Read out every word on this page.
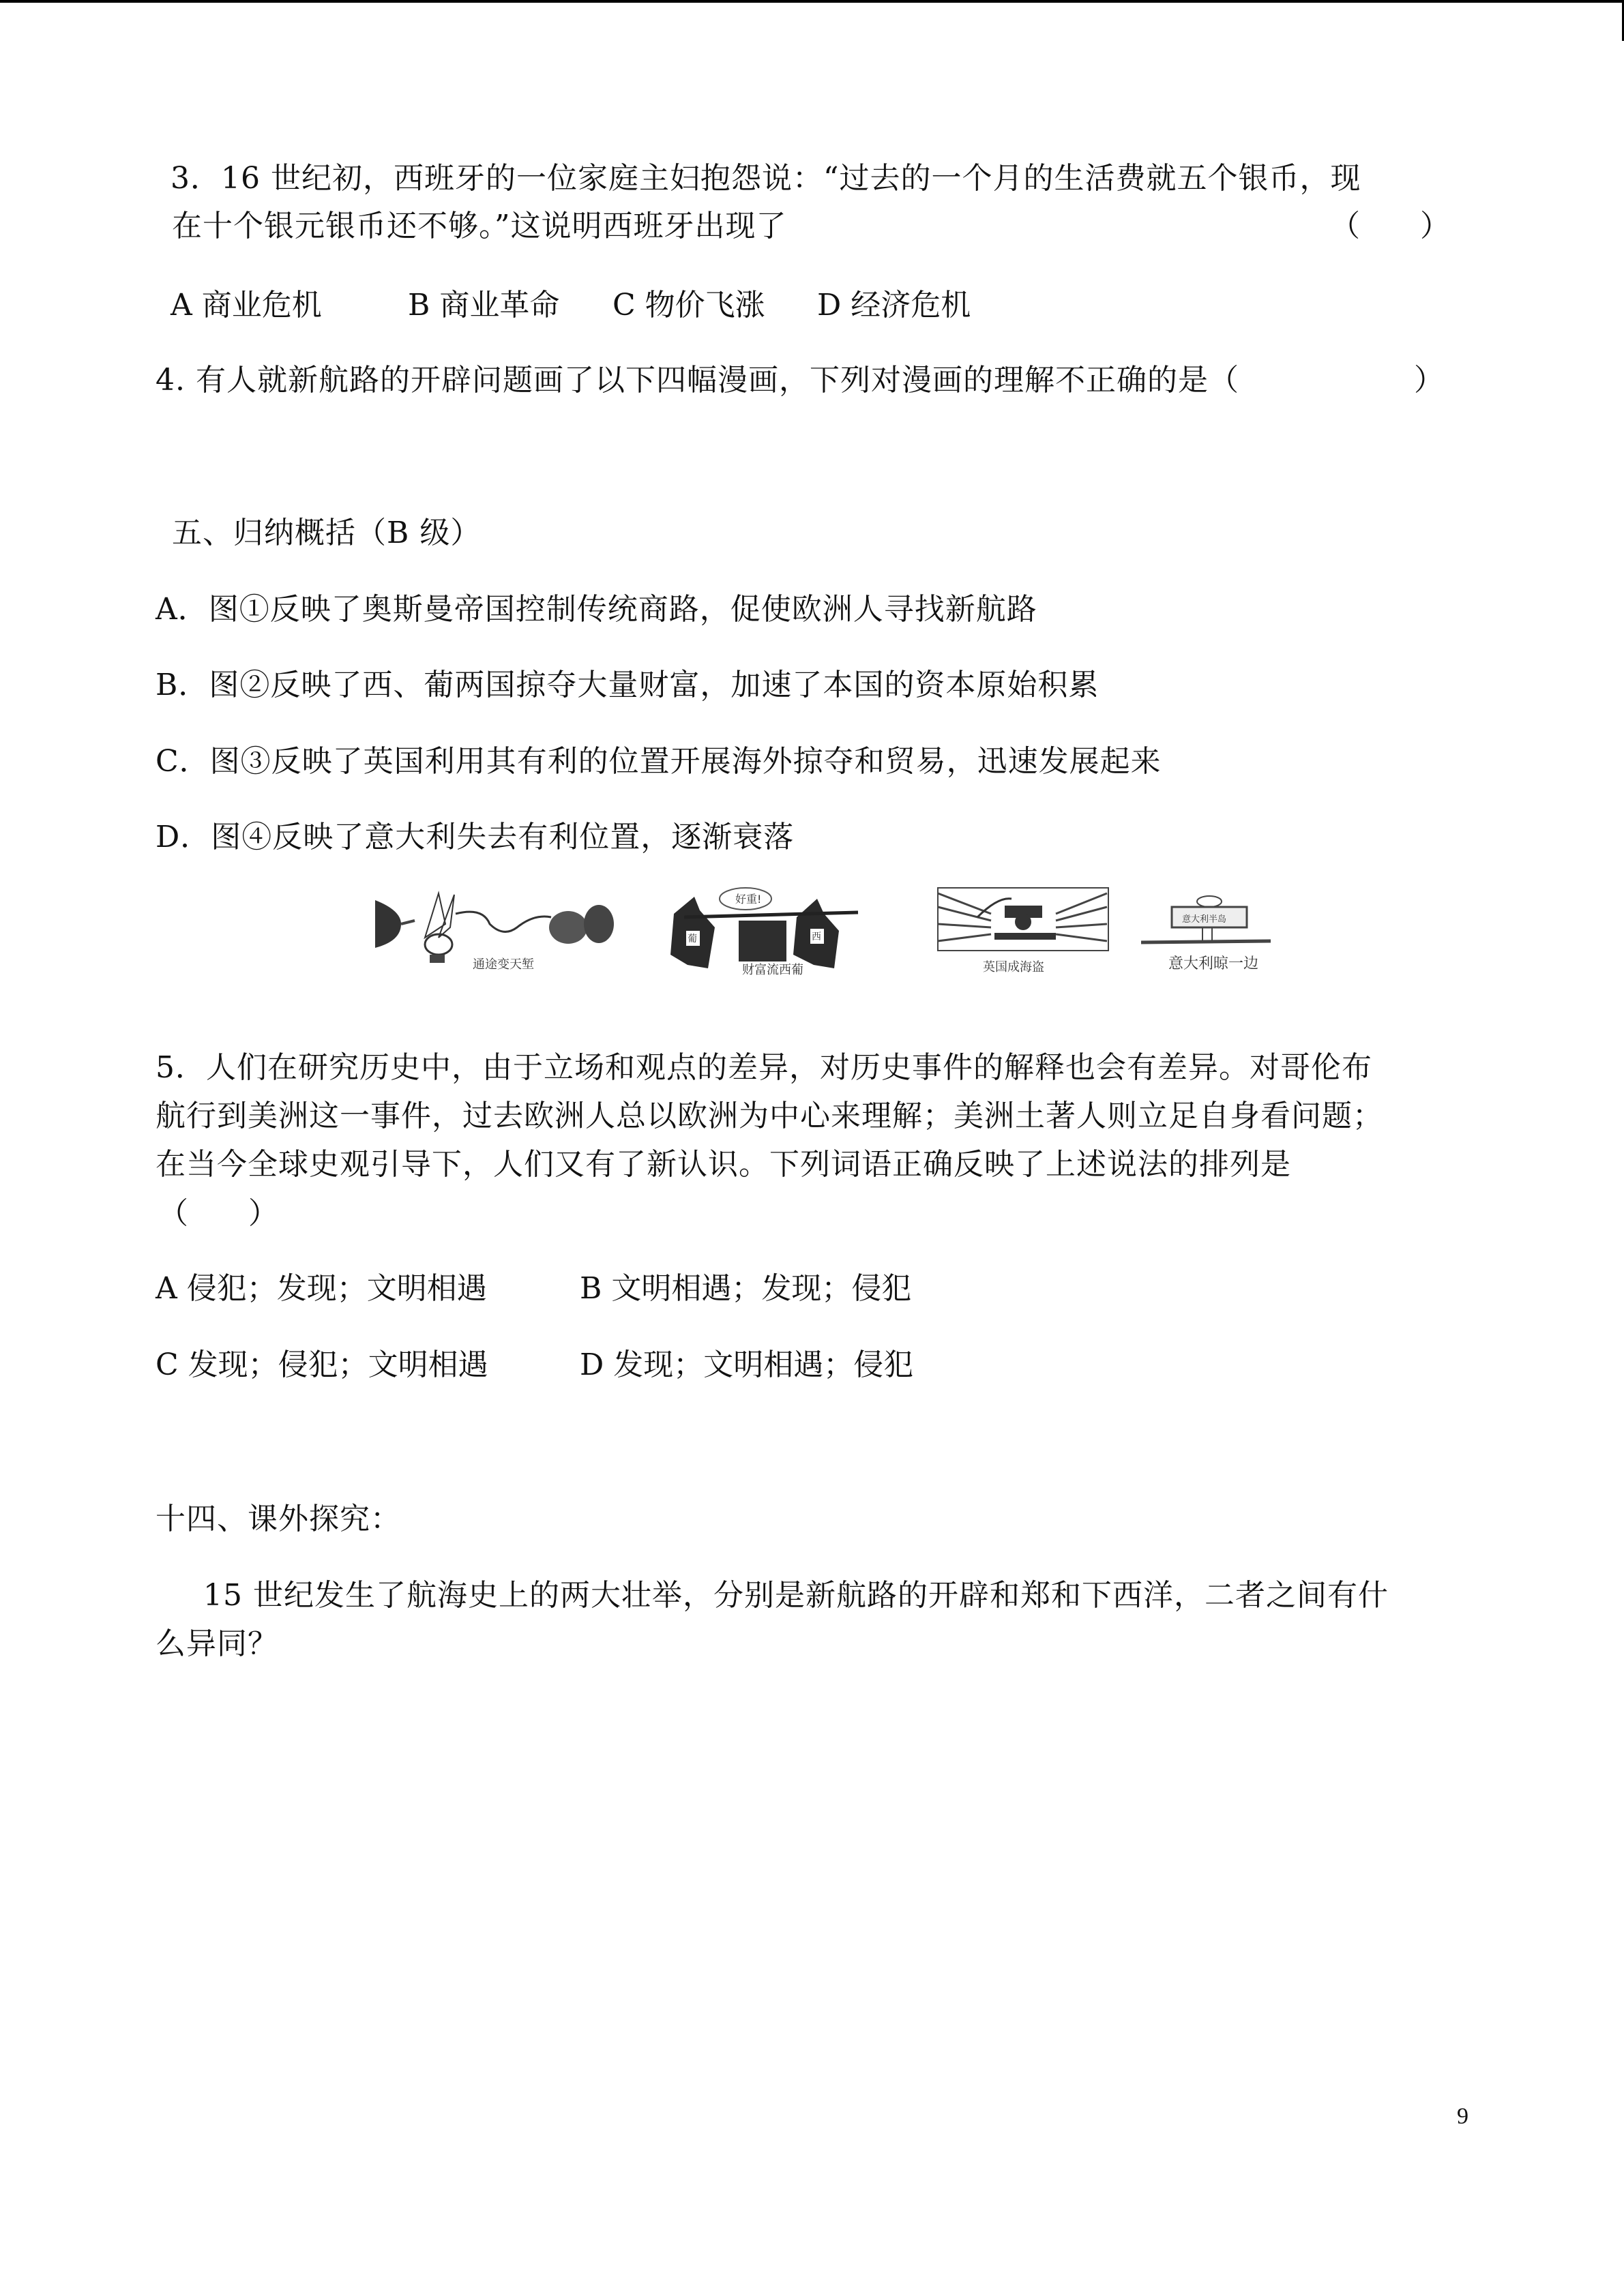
3．16 世纪初，西班牙的一位家庭主妇抱怨说：“过去的一个月的生活费就五个银币，现
在十个银元银币还不够。”这说明西班牙出现了	（　　）
A 商业危机	B 商业革命 C 物价飞涨 D 经济危机
4. 有人就新航路的开辟问题画了以下四幅漫画，下列对漫画的理解不正确的是（	）
五、归纳概括（B 级）
A．图①反映了奥斯曼帝国控制传统商路，促使欧洲人寻找新航路
B．图②反映了西、葡两国掠夺大量财富，加速了本国的资本原始积累
C．图③反映了英国利用其有利的位置开展海外掠夺和贸易，迅速发展起来
D．图④反映了意大利失去有利位置，逐渐衰落
通途变天堑
好重!
葡	西
财富流西葡	英国成海盗
意大利半岛
意大利晾一边
5．人们在研究历史中，由于立场和观点的差异，对历史事件的解释也会有差异。对哥伦布
航行到美洲这一事件，过去欧洲人总以欧洲为中心来理解；美洲土著人则立足自身看问题；
在当今全球史观引导下，人们又有了新认识。下列词语正确反映了上述说法的排列是
（　　）
A 侵犯；发现；文明相遇	B 文明相遇；发现；侵犯
C 发现；侵犯；文明相遇	D 发现；文明相遇；侵犯
十四、课外探究：
15 世纪发生了航海史上的两大壮举，分别是新航路的开辟和郑和下西洋，二者之间有什
么异同？
9
